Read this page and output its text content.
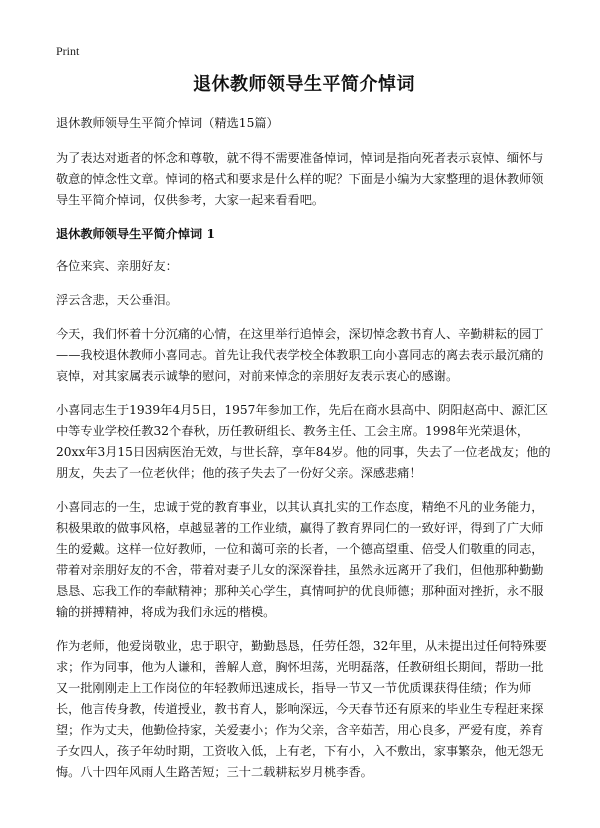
Print
退休教师领导生平简介悼词

退休教师领导生平简介悼词（精选15篇）

为了表达对逝者的怀念和尊敬，就不得不需要准备悼词，悼词是指向死者表示哀悼、缅怀与敬意的悼念性文章。悼词的格式和要求是什么样的呢？下面是小编为大家整理的退休教师领导生平简介悼词，仅供参考，大家一起来看看吧。

退休教师领导生平简介悼词 1

各位来宾、亲朋好友：

浮云含悲，天公垂泪。

今天，我们怀着十分沉痛的心情，在这里举行追悼会，深切悼念教书育人、辛勤耕耘的园丁——我校退休教师小喜同志。首先让我代表学校全体教职工向小喜同志的离去表示最沉痛的哀悼，对其家属表示诚挚的慰问，对前来悼念的亲朋好友表示衷心的感谢。

小喜同志生于1939年4月5日，1957年参加工作，先后在商水县高中、阴阳赵高中、源汇区中等专业学校任教32个春秋，历任教研组长、教务主任、工会主席。1998年光荣退休，20xx年3月15日因病医治无效，与世长辞，享年84岁。他的同事，失去了一位老战友；他的朋友，失去了一位老伙伴；他的孩子失去了一份好父亲。深感悲痛！

小喜同志的一生，忠诚于党的教育事业，以其认真扎实的工作态度，精绝不凡的业务能力，积极果敢的做事风格，卓越显著的工作业绩，赢得了教育界同仁的一致好评，得到了广大师生的爱戴。这样一位好教师，一位和蔼可亲的长者，一个德高望重、倍受人们敬重的同志，带着对亲朋好友的不舍，带着对妻子儿女的深深眷挂，虽然永远离开了我们，但他那种勤勤恳恳、忘我工作的奉献精神；那种关心学生，真情呵护的优良师德；那种面对挫折，永不服输的拼搏精神，将成为我们永远的楷模。

作为老师，他爱岗敬业，忠于职守，勤勤恳恳，任劳任怨，32年里，从未提出过任何特殊要求；作为同事，他为人谦和，善解人意，胸怀坦荡，光明磊落，任教研组长期间，帮助一批又一批刚刚走上工作岗位的年轻教师迅速成长，指导一节又一节优质课获得佳绩；作为师长，他言传身教，传道授业，教书育人，影响深远，今天春节还有原来的毕业生专程赶来探望；作为丈夫，他勤俭持家，关爱妻小；作为父亲，含辛茹苦，用心良多，严爱有度，养育子女四人，孩子年幼时期，工资收入低，上有老，下有小，入不敷出，家事繁杂，他无怨无悔。八十四年风雨人生路苦短；三十二载耕耘岁月桃李香。
